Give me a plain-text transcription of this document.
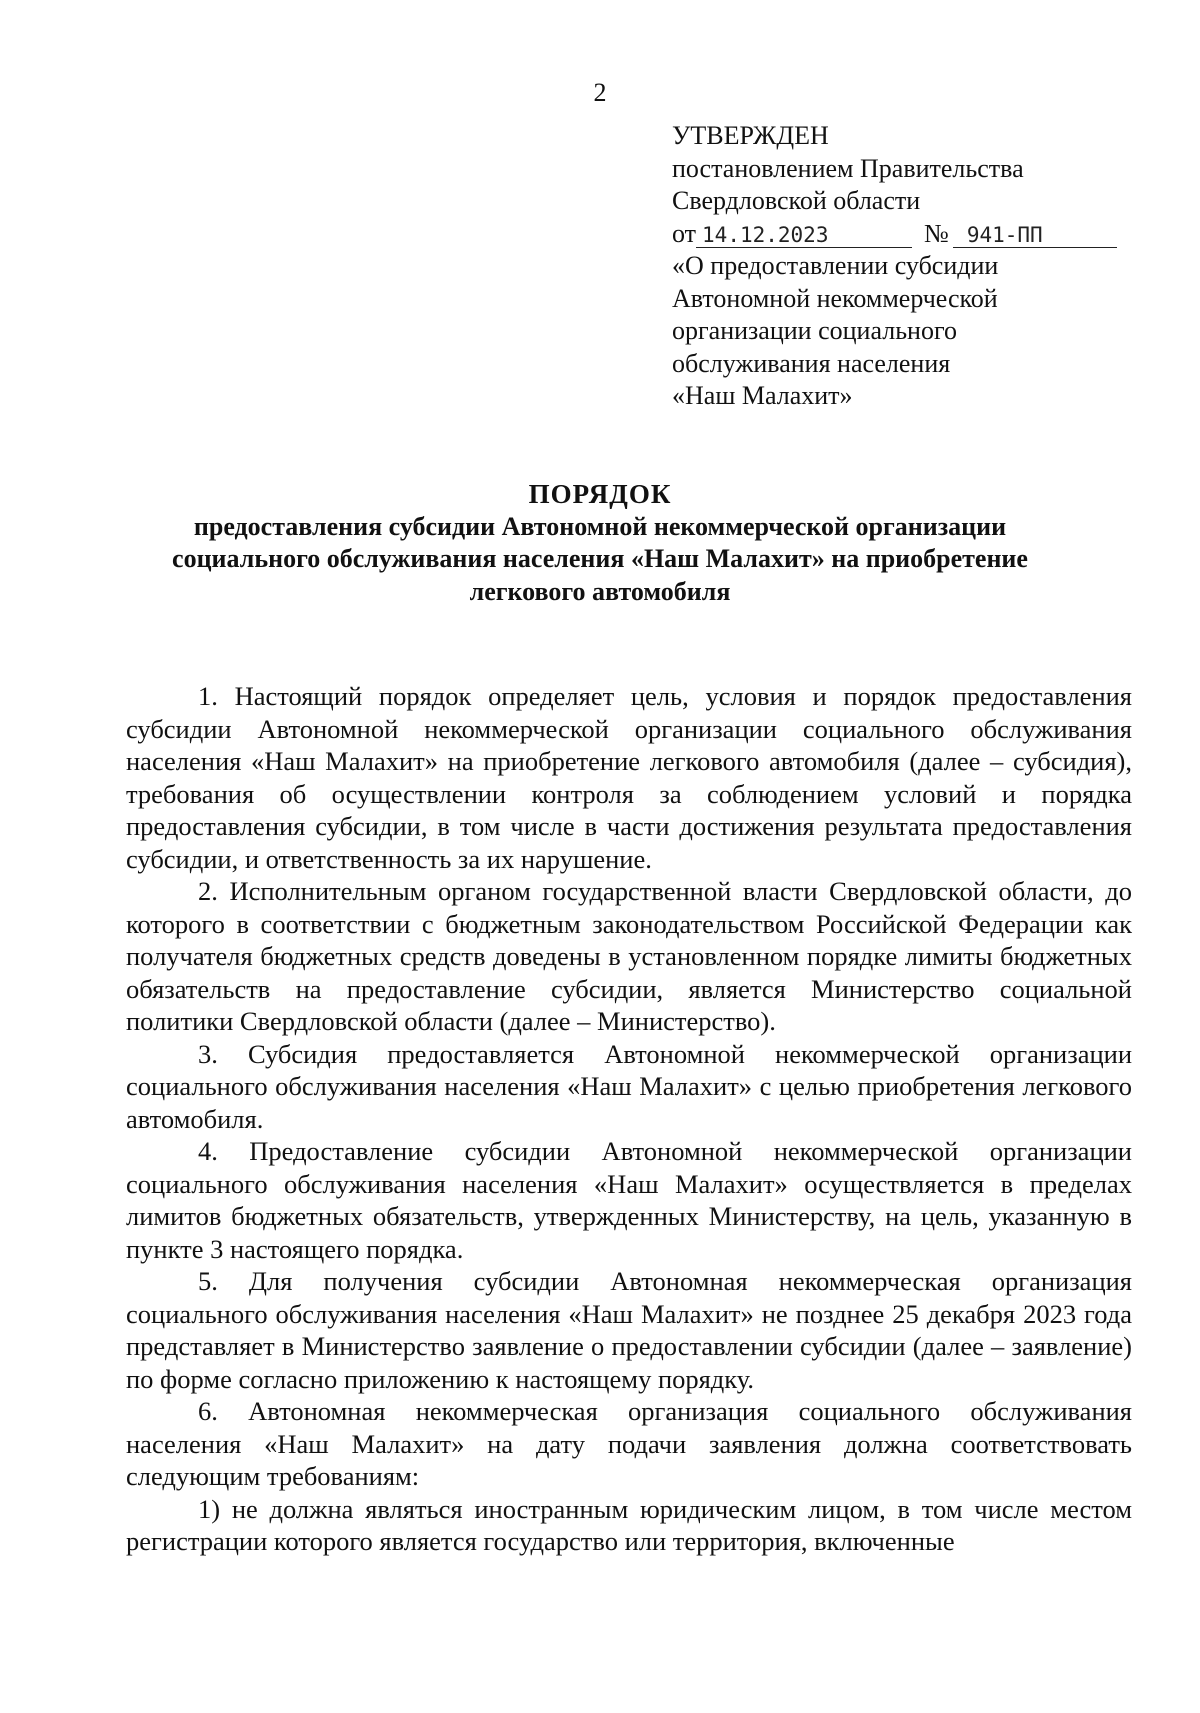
2
УТВЕРЖДЕН
постановлением Правительства
Свердловской области
от 14.12.2023	№ 941-ПП
«О предоставлении субсидии
Автономной некоммерческой
организации социального
обслуживания населения
«Наш Малахит»
ПОРЯДОК
предоставления субсидии Автономной некоммерческой организации
социального обслуживания населения «Наш Малахит» на приобретение
легкового автомобиля

1. Настоящий порядок определяет цель, условия и порядок предоставления субсидии Автономной некоммерческой организации социального обслуживания населения «Наш Малахит» на приобретение легкового автомобиля (далее – субсидия), требования об осуществлении контроля за соблюдением условий и порядка предоставления субсидии, в том числе в части достижения результата предоставления субсидии, и ответственность за их нарушение.

2. Исполнительным органом государственной власти Свердловской области, до которого в соответствии с бюджетным законодательством Российской Федерации как получателя бюджетных средств доведены в установленном порядке лимиты бюджетных обязательств на предоставление субсидии, является Министерство социальной политики Свердловской области (далее – Министерство).

3. Субсидия предоставляется Автономной некоммерческой организации социального обслуживания населения «Наш Малахит» с целью приобретения легкового автомобиля.

4. Предоставление субсидии Автономной некоммерческой организации социального обслуживания населения «Наш Малахит» осуществляется в пределах лимитов бюджетных обязательств, утвержденных Министерству, на цель, указанную в пункте 3 настоящего порядка.

5. Для получения субсидии Автономная некоммерческая организация социального обслуживания населения «Наш Малахит» не позднее 25 декабря 2023 года представляет в Министерство заявление о предоставлении субсидии (далее – заявление) по форме согласно приложению к настоящему порядку.

6. Автономная некоммерческая организация социального обслуживания населения «Наш Малахит» на дату подачи заявления должна соответствовать следующим требованиям:

1) не должна являться иностранным юридическим лицом, в том числе местом регистрации которого является государство или территория, включенные
